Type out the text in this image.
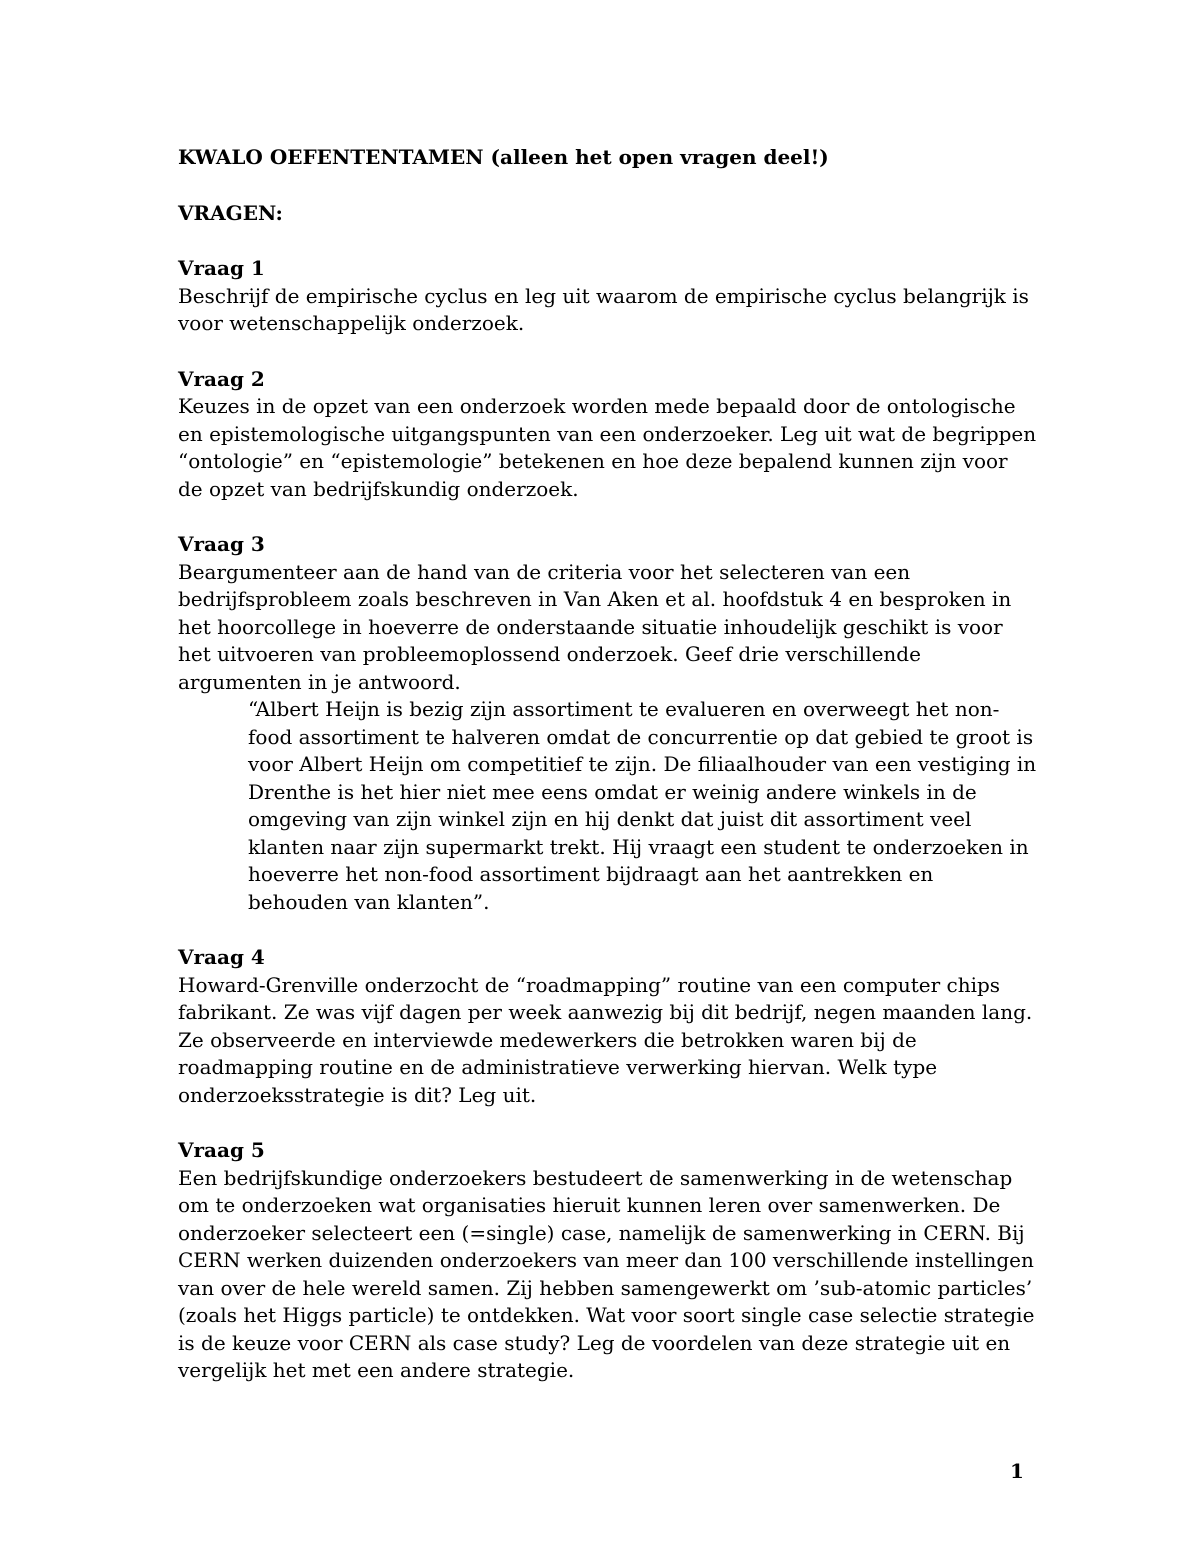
KWALO OEFENTENTAMEN (alleen het open vragen deel!)

VRAGEN:

Vraag 1

Beschrijf de empirische cyclus en leg uit waarom de empirische cyclus belangrijk is voor wetenschappelijk onderzoek.

Vraag 2

Keuzes in de opzet van een onderzoek worden mede bepaald door de ontologische en epistemologische uitgangspunten van een onderzoeker. Leg uit wat de begrippen “ontologie” en “epistemologie” betekenen en hoe deze bepalend kunnen zijn voor de opzet van bedrijfskundig onderzoek.

Vraag 3

Beargumenteer aan de hand van de criteria voor het selecteren van een bedrijfsprobleem zoals beschreven in Van Aken et al. hoofdstuk 4 en besproken in het hoorcollege in hoeverre de onderstaande situatie inhoudelijk geschikt is voor het uitvoeren van probleemoplossend onderzoek. Geef drie verschillende argumenten in je antwoord.

“Albert Heijn is bezig zijn assortiment te evalueren en overweegt het non-food assortiment te halveren omdat de concurrentie op dat gebied te groot is voor Albert Heijn om competitief te zijn. De filiaalhouder van een vestiging in Drenthe is het hier niet mee eens omdat er weinig andere winkels in de omgeving van zijn winkel zijn en hij denkt dat juist dit assortiment veel klanten naar zijn supermarkt trekt. Hij vraagt een student te onderzoeken in hoeverre het non-food assortiment bijdraagt aan het aantrekken en behouden van klanten”.

Vraag 4

Howard-Grenville onderzocht de “roadmapping” routine van een computer chips fabrikant. Ze was vijf dagen per week aanwezig bij dit bedrijf, negen maanden lang. Ze observeerde en interviewde medewerkers die betrokken waren bij de roadmapping routine en de administratieve verwerking hiervan. Welk type onderzoeksstrategie is dit? Leg uit.

Vraag 5

Een bedrijfskundige onderzoekers bestudeert de samenwerking in de wetenschap om te onderzoeken wat organisaties hieruit kunnen leren over samenwerken. De onderzoeker selecteert een (=single) case, namelijk de samenwerking in CERN. Bij CERN werken duizenden onderzoekers van meer dan 100 verschillende instellingen van over de hele wereld samen. Zij hebben samengewerkt om ’sub-atomic particles’ (zoals het Higgs particle) te ontdekken. Wat voor soort single case selectie strategie is de keuze voor CERN als case study? Leg de voordelen van deze strategie uit en vergelijk het met een andere strategie.

1
